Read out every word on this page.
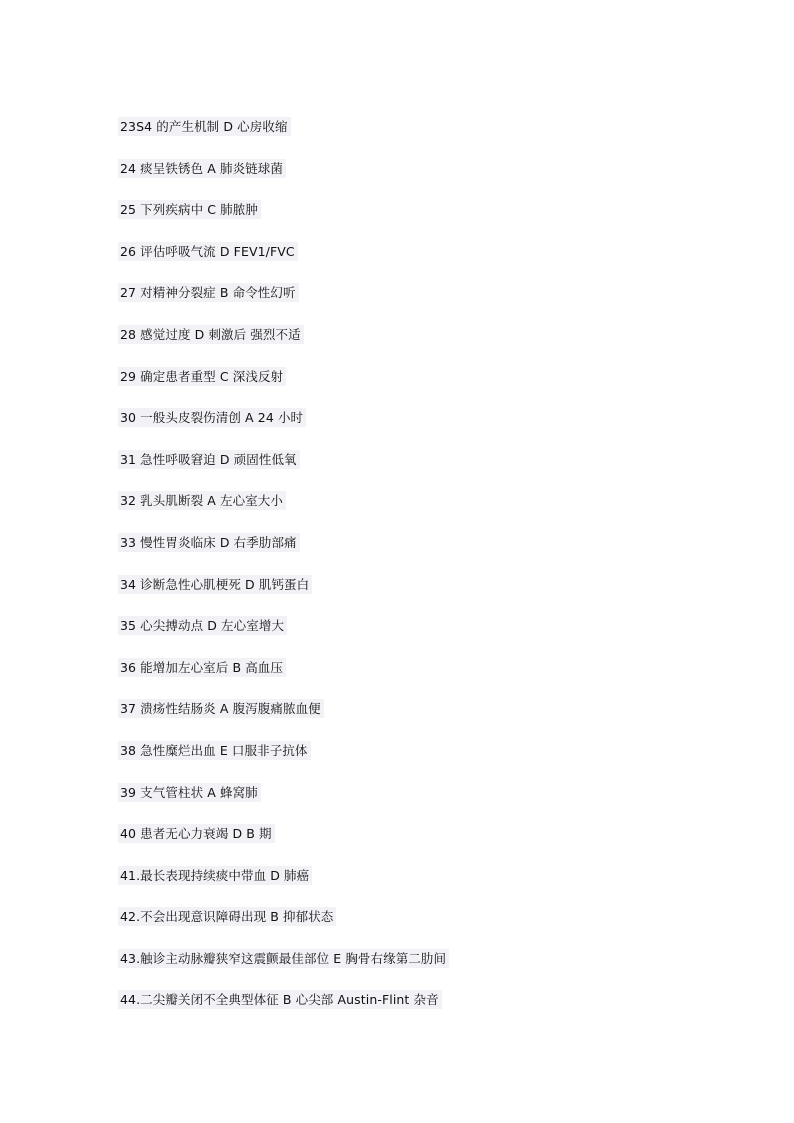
23S4 的产生机制 D 心房收缩
24 痰呈铁锈色 A 肺炎链球菌
25 下列疾病中 C 肺脓肿
26 评估呼吸气流 D FEV1/FVC
27 对精神分裂症 B 命令性幻听
28 感觉过度 D 刺激后 强烈不适
29 确定患者重型 C 深浅反射
30 一般头皮裂伤清创 A 24 小时
31 急性呼吸窘迫 D 顽固性低氧
32 乳头肌断裂 A 左心室大小
33 慢性胃炎临床 D 右季肋部痛
34 诊断急性心肌梗死 D 肌钙蛋白
35 心尖搏动点 D 左心室增大
36 能增加左心室后 B 高血压
37 溃疡性结肠炎 A 腹泻腹痛脓血便
38 急性糜烂出血 E 口服非子抗体
39 支气管柱状 A 蜂窝肺
40 患者无心力衰竭 D B 期
41.最长表现持续痰中带血 D 肺癌
42.不会出现意识障碍出现 B 抑郁状态
43.触诊主动脉瓣狭窄这震颤最佳部位 E 胸骨右缘第二肋间
44.二尖瓣关闭不全典型体征 B 心尖部 Austin-Flint 杂音
